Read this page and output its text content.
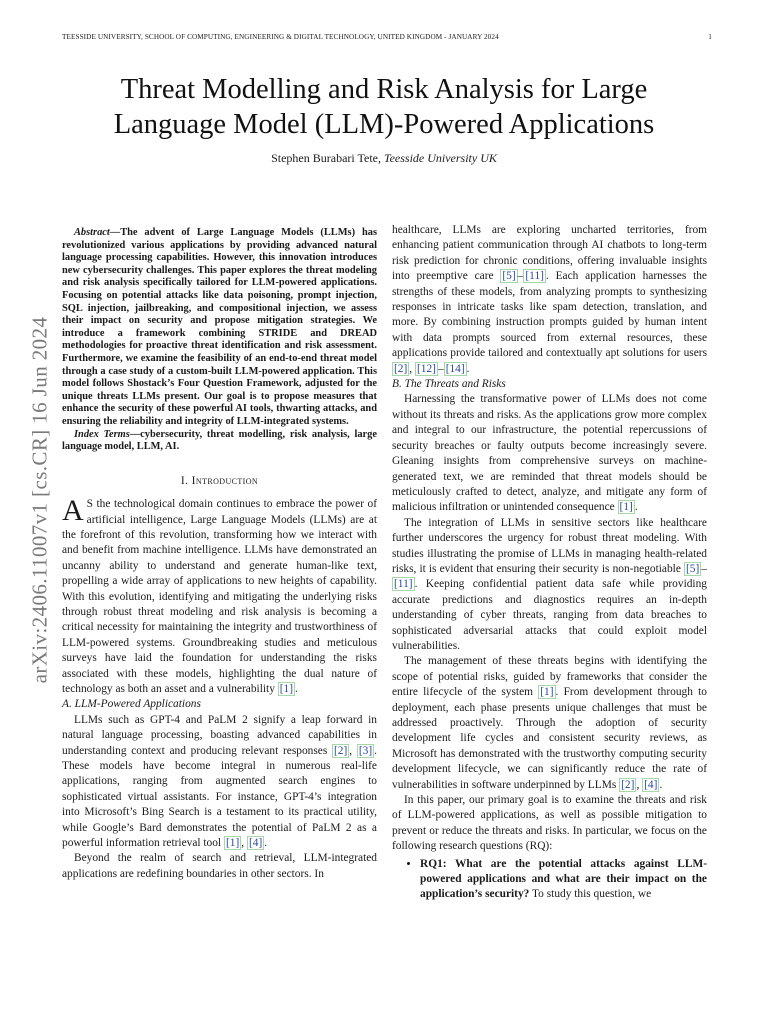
TEESSIDE UNIVERSITY, SCHOOL OF COMPUTING, ENGINEERING & DIGITAL TECHNOLOGY, UNITED KINGDOM - JANUARY 2024	1
arXiv:2406.11007v1 [cs.CR] 16 Jun 2024
Threat Modelling and Risk Analysis for Large
Language Model (LLM)-Powered Applications
Stephen Burabari Tete, Teesside University UK

Abstract—The advent of Large Language Models (LLMs) has revolutionized various applications by providing advanced natural language processing capabilities. However, this innovation introduces new cybersecurity challenges. This paper explores the threat modeling and risk analysis specifically tailored for LLM-powered applications. Focusing on potential attacks like data poisoning, prompt injection, SQL injection, jailbreaking, and compositional injection, we assess their impact on security and propose mitigation strategies. We introduce a framework combining STRIDE and DREAD methodologies for proactive threat identification and risk assessment. Furthermore, we examine the feasibility of an end-to-end threat model through a case study of a custom-built LLM-powered application. This model follows Shostack’s Four Question Framework, adjusted for the unique threats LLMs present. Our goal is to propose measures that enhance the security of these powerful AI tools, thwarting attacks, and ensuring the reliability and integrity of LLM-integrated systems.

Index Terms—cybersecurity, threat modelling, risk analysis, large language model, LLM, AI.

I. Introduction

A S the technological domain continues to embrace the power of artificial intelligence, Large Language Models (LLMs) are at the forefront of this revolution, transforming how we interact with and benefit from machine intelligence. LLMs have demonstrated an uncanny ability to understand and generate human-like text, propelling a wide array of applications to new heights of capability. With this evolution, identifying and mitigating the underlying risks through robust threat modeling and risk analysis is becoming a critical necessity for maintaining the integrity and trustworthiness of LLM-powered systems. Groundbreaking studies and meticulous surveys have laid the foundation for understanding the risks associated with these models, highlighting the dual nature of technology as both an asset and a vulnerability [1] .

A. LLM-Powered Applications

LLMs such as GPT-4 and PaLM 2 signify a leap forward in natural language processing, boasting advanced capabilities in understanding context and producing relevant responses [2] , [3] . These models have become integral in numerous real-life applications, ranging from augmented search engines to sophisticated virtual assistants. For instance, GPT-4’s integration into Microsoft’s Bing Search is a testament to its practical utility, while Google’s Bard demonstrates the potential of PaLM 2 as a powerful information retrieval tool [1] , [4] .

Beyond the realm of search and retrieval, LLM-integrated applications are redefining boundaries in other sectors. In

healthcare, LLMs are exploring uncharted territories, from enhancing patient communication through AI chatbots to long-term risk prediction for chronic conditions, offering invaluable insights into preemptive care [5] – [11] . Each application harnesses the strengths of these models, from analyzing prompts to synthesizing responses in intricate tasks like spam detection, translation, and more. By combining instruction prompts guided by human intent with data prompts sourced from external resources, these applications provide tailored and contextually apt solutions for users [2] , [12] – [14] .

B. The Threats and Risks

Harnessing the transformative power of LLMs does not come without its threats and risks. As the applications grow more complex and integral to our infrastructure, the potential repercussions of security breaches or faulty outputs become increasingly severe. Gleaning insights from comprehensive surveys on machine-generated text, we are reminded that threat models should be meticulously crafted to detect, analyze, and mitigate any form of malicious infiltration or unintended consequence [1] .

The integration of LLMs in sensitive sectors like healthcare further underscores the urgency for robust threat modeling. With studies illustrating the promise of LLMs in managing health-related risks, it is evident that ensuring their security is non-negotiable [5] –[11] . Keeping confidential patient data safe while providing accurate predictions and diagnostics requires an in-depth understanding of cyber threats, ranging from data breaches to sophisticated adversarial attacks that could exploit model vulnerabilities.

The management of these threats begins with identifying the scope of potential risks, guided by frameworks that consider the entire lifecycle of the system [1] . From development through to deployment, each phase presents unique challenges that must be addressed proactively. Through the adoption of security development life cycles and consistent security reviews, as Microsoft has demonstrated with the trustworthy computing security development lifecycle, we can significantly reduce the rate of vulnerabilities in software underpinned by LLMs [2] , [4] .

In this paper, our primary goal is to examine the threats and risk of LLM-powered applications, as well as possible mitigation to prevent or reduce the threats and risks. In particular, we focus on the following research questions (RQ):

• RQ1: What are the potential attacks against LLM-powered applications and what are their impact on the application’s security? To study this question, we
